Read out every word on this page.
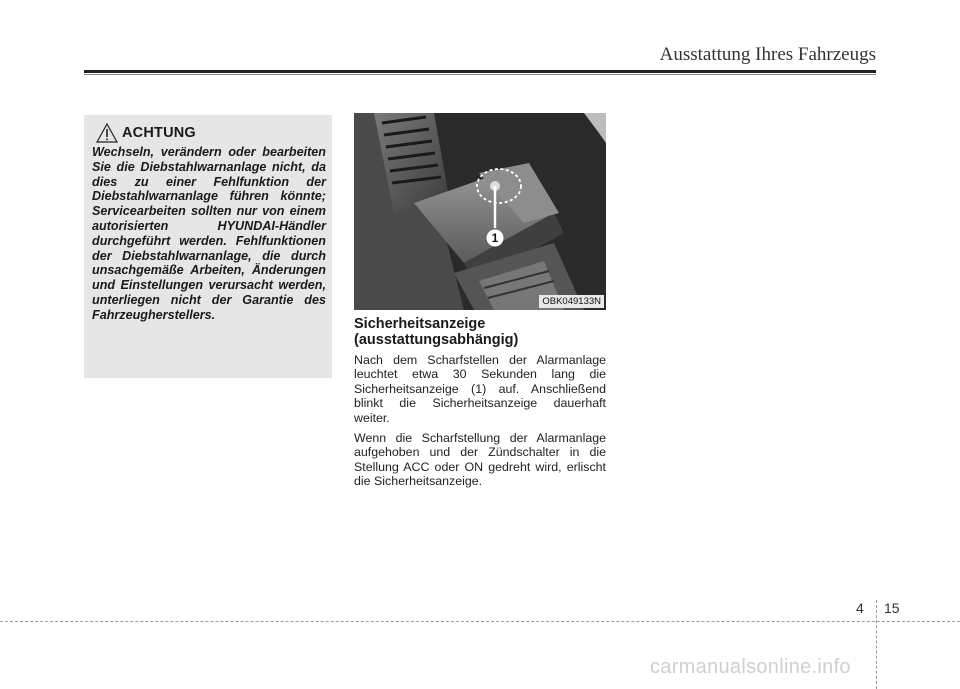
Ausstattung Ihres Fahrzeugs
ACHTUNG

Wechseln, verändern oder bearbeiten Sie die Diebstahlwarnanlage nicht, da dies zu einer Fehlfunktion der Diebstahlwarnanlage führen könnte; Servicearbeiten sollten nur von einem autorisierten HYUNDAI-Händler durchgeführt werden. Fehlfunktionen der Diebstahlwarnanlage, die durch unsachgemäße Arbeiten, Änderungen und Einstellungen verursacht werden, unterliegen nicht der Garantie des Fahrzeugherstellers.

1
OBK049133N
Sicherheitsanzeige (ausstattungsabhängig)

Nach dem Scharfstellen der Alarmanlage leuchtet etwa 30 Sekunden lang die Sicherheitsanzeige (1) auf. Anschließend blinkt die Sicherheitsanzeige dauerhaft weiter.

Wenn die Scharfstellung der Alarmanlage aufgehoben und der Zündschalter in die Stellung ACC oder ON gedreht wird, erlischt die Sicherheitsanzeige.

4 15
carmanualsonline.info
